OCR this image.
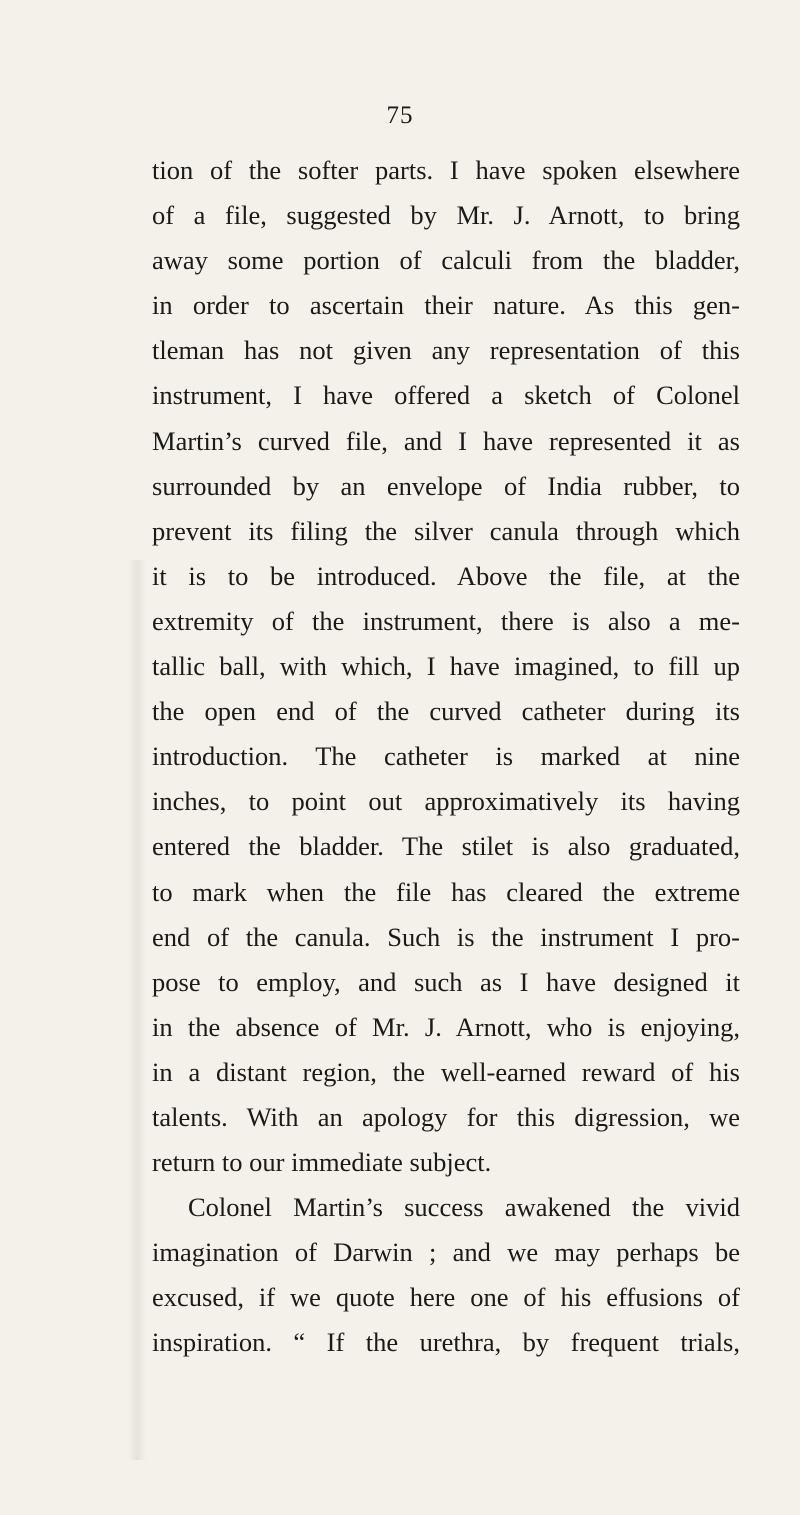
75
tion of the softer parts. I have spoken elsewhere
of a file, suggested by Mr. J. Arnott, to bring
away some portion of calculi from the bladder,
in order to ascertain their nature. As this gen-
tleman has not given any representation of this
instrument, I have offered a sketch of Colonel
Martin’s curved file, and I have represented it as
surrounded by an envelope of India rubber, to
prevent its filing the silver canula through which
it is to be introduced. Above the file, at the
extremity of the instrument, there is also a me-
tallic ball, with which, I have imagined, to fill up
the open end of the curved catheter during its
introduction. The catheter is marked at nine
inches, to point out approximatively its having
entered the bladder. The stilet is also graduated,
to mark when the file has cleared the extreme
end of the canula. Such is the instrument I pro-
pose to employ, and such as I have designed it
in the absence of Mr. J. Arnott, who is enjoying,
in a distant region, the well-earned reward of his
talents. With an apology for this digression, we
return to our immediate subject.
Colonel Martin’s success awakened the vivid
imagination of Darwin ; and we may perhaps be
excused, if we quote here one of his effusions of
inspiration. “ If the urethra, by frequent trials,
